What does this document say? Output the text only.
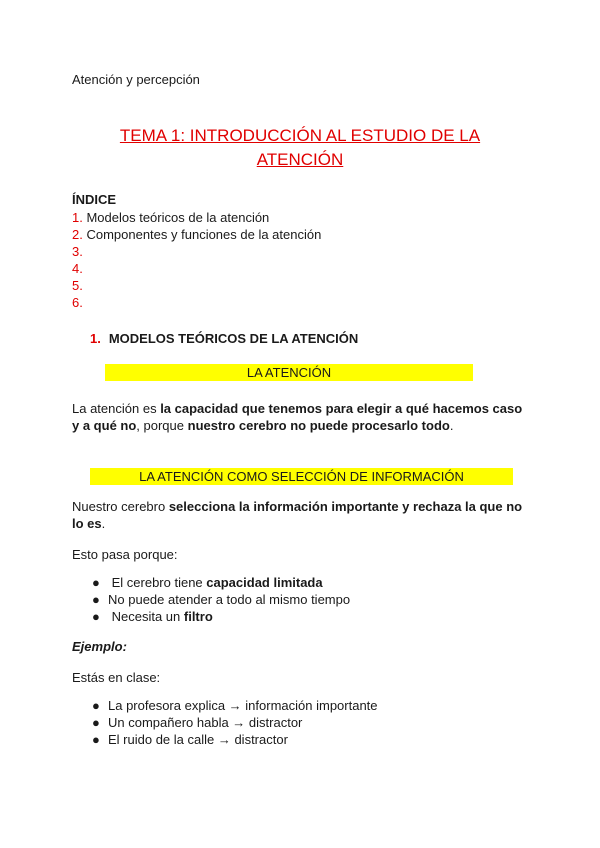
Atención y percepción
TEMA 1: INTRODUCCIÓN AL ESTUDIO DE LA
ATENCIÓN
ÍNDICE
1. Modelos teóricos de la atención
2. Componentes y funciones de la atención
3.
4.
5.
6.
1. MODELOS TEÓRICOS DE LA ATENCIÓN
LA ATENCIÓN
La atención es la capacidad que tenemos para elegir a qué hacemos caso y a qué no, porque nuestro cerebro no puede procesarlo todo.
LA ATENCIÓN COMO SELECCIÓN DE INFORMACIÓN
Nuestro cerebro selecciona la información importante y rechaza la que no lo es.
Esto pasa porque:
● El cerebro tiene capacidad limitada
● No puede atender a todo al mismo tiempo
● Necesita un filtro
Ejemplo:
Estás en clase:
● La profesora explica → información importante
● Un compañero habla → distractor
● El ruido de la calle → distractor
